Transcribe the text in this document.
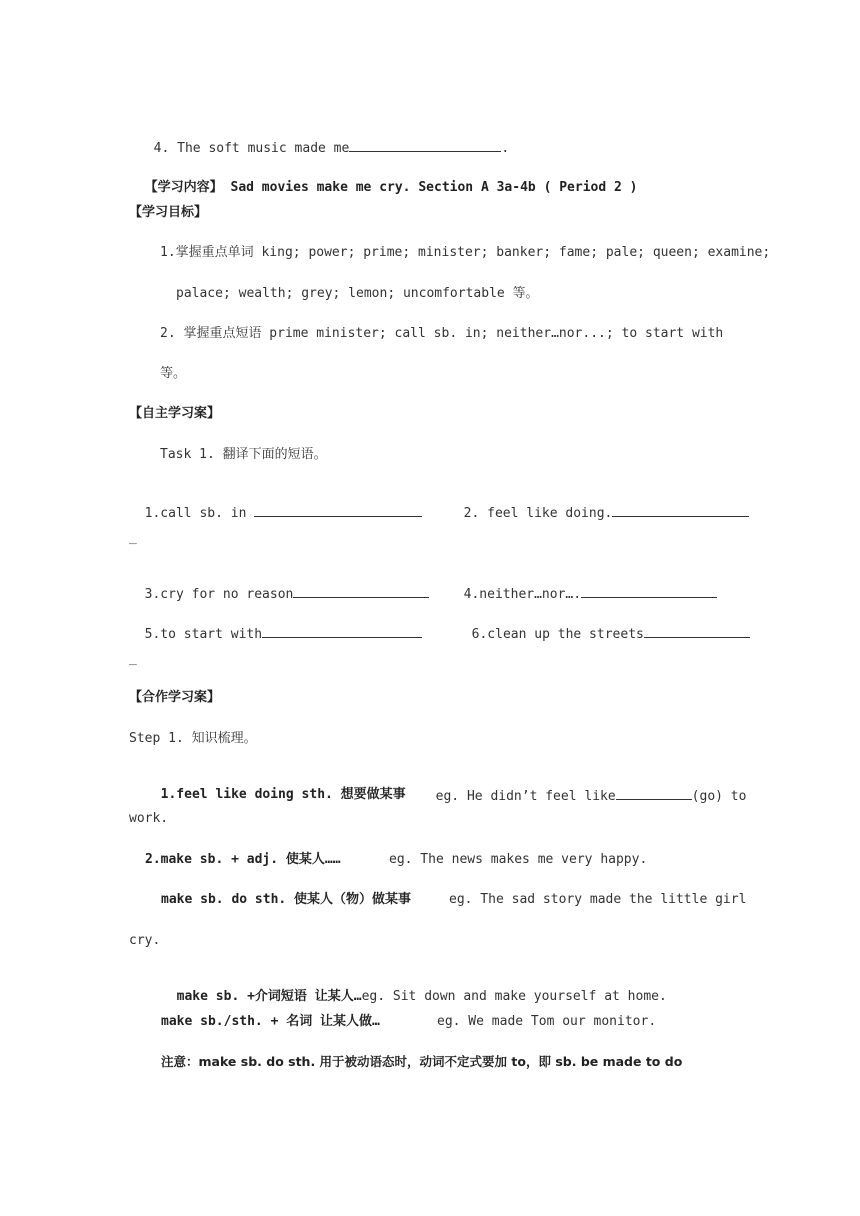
4. The soft music made me	.

【学习内容】 Sad movies make me cry. Section A 3a-4b ( Period 2 )

【学习目标】
1.掌握重点单词 king; power; prime; minister; banker; fame; pale; queen; examine;
palace; wealth; grey; lemon; uncomfortable 等。
2. 掌握重点短语 prime minister; call sb. in; neither…nor...; to start with
等。
【自主学习案】
Task 1. 翻译下面的短语。

1.call sb. in	2. feel like doing.

_

3.cry for no reason	4.neither…nor….

5.to start with	6.clean up the streets

_
【合作学习案】
Step 1. 知识梳理。

1.feel like doing sth. 想要做某事	eg. He didn’t feel like	(go) to

work.
2.make sb. + adj. 使某人……	eg. The news makes me very happy.
make sb. do sth. 使某人（物）做某事	eg. The sad story made the little girl
cry.

make sb. +介词短语 让某人…eg. Sit down and make yourself at home.

make sb./sth. + 名词 让某人做…	eg. We made Tom our monitor.
注意：make sb. do sth. 用于被动语态时，动词不定式要加 to，即 sb. be made to do
